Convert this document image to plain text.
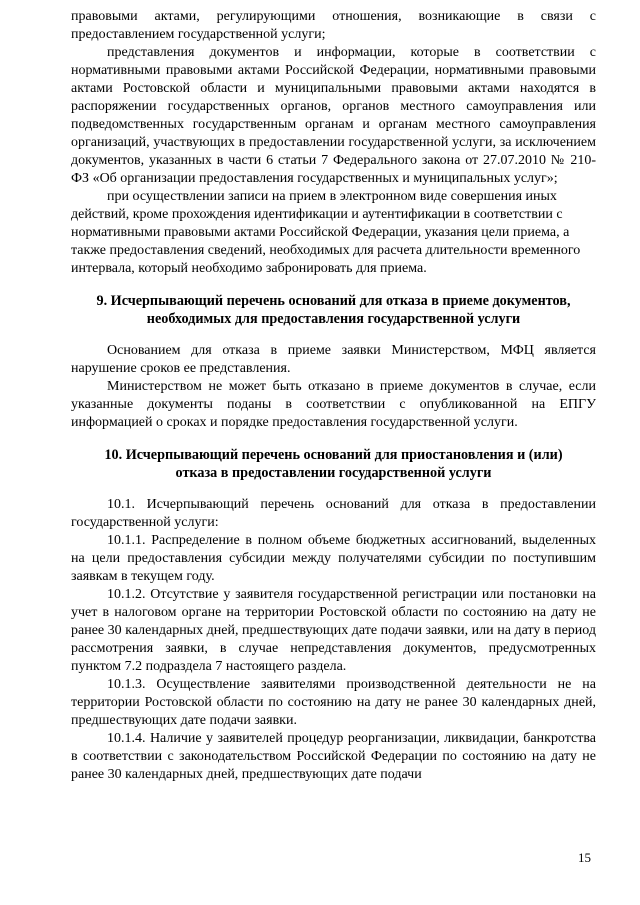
правовыми актами, регулирующими отношения, возникающие в связи с предоставлением государственной услуги;

представления документов и информации, которые в соответствии с нормативными правовыми актами Российской Федерации, нормативными правовыми актами Ростовской области и муниципальными правовыми актами находятся в распоряжении государственных органов, органов местного самоуправления или подведомственных государственным органам и органам местного самоуправления организаций, участвующих в предоставлении государственной услуги, за исключением документов, указанных в части 6 статьи 7 Федерального закона от 27.07.2010 № 210-ФЗ «Об организации предоставления государственных и муниципальных услуг»;

при осуществлении записи на прием в электронном виде совершения иных действий, кроме прохождения идентификации и аутентификации в соответствии с нормативными правовыми актами Российской Федерации, указания цели приема, а также предоставления сведений, необходимых для расчета длительности временного интервала, который необходимо забронировать для приема.

9. Исчерпывающий перечень оснований для отказа в приеме документов,
необходимых для предоставления государственной услуги

Основанием для отказа в приеме заявки Министерством, МФЦ является нарушение сроков ее представления.

Министерством не может быть отказано в приеме документов в случае, если указанные документы поданы в соответствии с опубликованной на ЕПГУ информацией о сроках и порядке предоставления государственной услуги.

10. Исчерпывающий перечень оснований для приостановления и (или)
отказа в предоставлении государственной услуги

10.1. Исчерпывающий перечень оснований для отказа в предоставлении государственной услуги:

10.1.1. Распределение в полном объеме бюджетных ассигнований, выделенных на цели предоставления субсидии между получателями субсидии по поступившим заявкам в текущем году.

10.1.2. Отсутствие у заявителя государственной регистрации или постановки на учет в налоговом органе на территории Ростовской области по состоянию на дату не ранее 30 календарных дней, предшествующих дате подачи заявки, или на дату в период рассмотрения заявки, в случае непредставления документов, предусмотренных пунктом 7.2 подраздела 7 настоящего раздела.

10.1.3. Осуществление заявителями производственной деятельности не на территории Ростовской области по состоянию на дату не ранее 30 календарных дней, предшествующих дате подачи заявки.

10.1.4. Наличие у заявителей процедур реорганизации, ликвидации, банкротства в соответствии с законодательством Российской Федерации по состоянию на дату не ранее 30 календарных дней, предшествующих дате подачи

15
